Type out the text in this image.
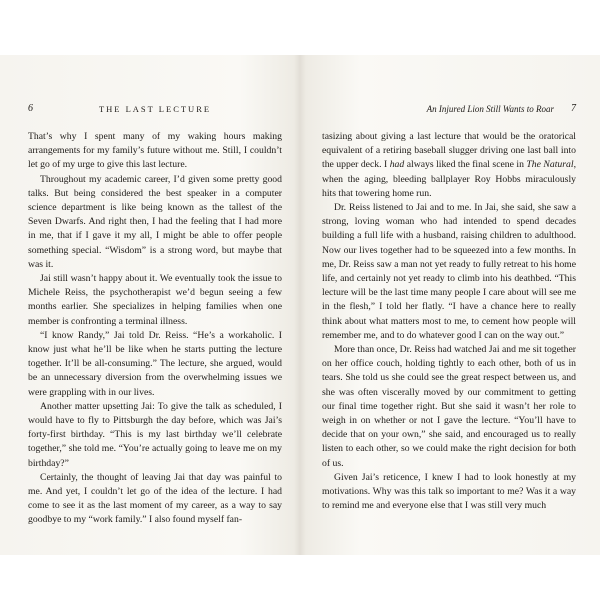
6	THE LAST LECTURE

That’s why I spent many of my waking hours making arrangements for my family’s future without me. Still, I couldn’t let go of my urge to give this last lecture.

Throughout my academic career, I’d given some pretty good talks. But being considered the best speaker in a computer science department is like being known as the tallest of the Seven Dwarfs. And right then, I had the feeling that I had more in me, that if I gave it my all, I might be able to offer people something special. “Wisdom” is a strong word, but maybe that was it.

Jai still wasn’t happy about it. We eventually took the issue to Michele Reiss, the psychotherapist we’d begun seeing a few months earlier. She specializes in helping families when one member is confronting a terminal illness.

“I know Randy,” Jai told Dr. Reiss. “He’s a workaholic. I know just what he’ll be like when he starts putting the lecture together. It’ll be all-consuming.” The lecture, she argued, would be an unnecessary diversion from the overwhelming issues we were grappling with in our lives.

Another matter upsetting Jai: To give the talk as scheduled, I would have to fly to Pittsburgh the day before, which was Jai’s forty-first birthday. “This is my last birthday we’ll celebrate together,” she told me. “You’re actually going to leave me on my birthday?”

Certainly, the thought of leaving Jai that day was painful to me. And yet, I couldn’t let go of the idea of the lecture. I had come to see it as the last moment of my career, as a way to say goodbye to my “work family.” I also found myself fan-

An Injured Lion Still Wants to Roar 7

tasizing about giving a last lecture that would be the oratorical equivalent of a retiring baseball slugger driving one last ball into the upper deck. I had always liked the final scene in The Natural, when the aging, bleeding ballplayer Roy Hobbs miraculously hits that towering home run.

Dr. Reiss listened to Jai and to me. In Jai, she said, she saw a strong, loving woman who had intended to spend decades building a full life with a husband, raising children to adulthood. Now our lives together had to be squeezed into a few months. In me, Dr. Reiss saw a man not yet ready to fully retreat to his home life, and certainly not yet ready to climb into his deathbed. “This lecture will be the last time many people I care about will see me in the flesh,” I told her flatly. “I have a chance here to really think about what matters most to me, to cement how people will remember me, and to do whatever good I can on the way out.”

More than once, Dr. Reiss had watched Jai and me sit together on her office couch, holding tightly to each other, both of us in tears. She told us she could see the great respect between us, and she was often viscerally moved by our commitment to getting our final time together right. But she said it wasn’t her role to weigh in on whether or not I gave the lecture. “You’ll have to decide that on your own,” she said, and encouraged us to really listen to each other, so we could make the right decision for both of us.

Given Jai’s reticence, I knew I had to look honestly at my motivations. Why was this talk so important to me? Was it a way to remind me and everyone else that I was still very much
